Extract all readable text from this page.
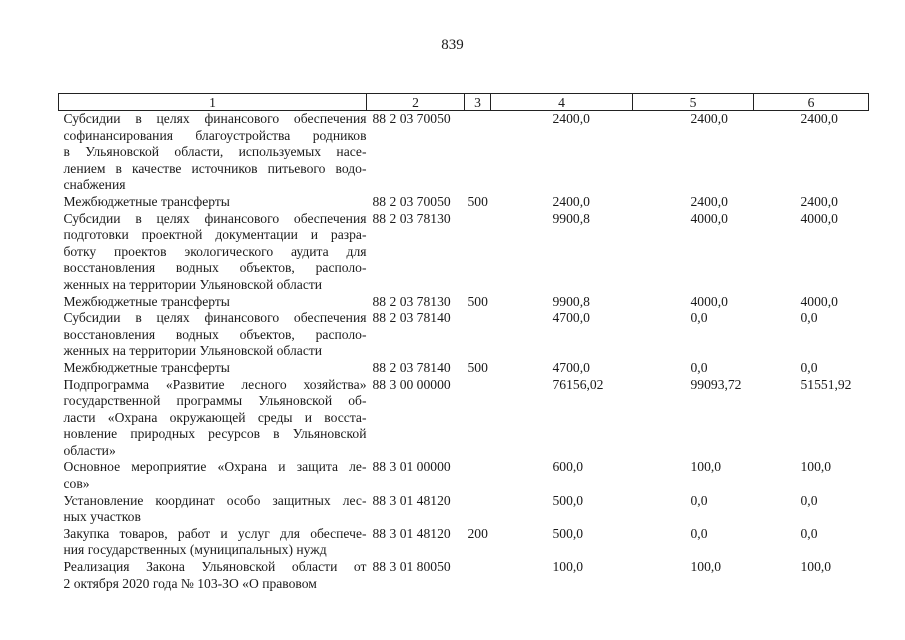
839
1	2	3	4	5	6

Субсидии в целях финансового обеспечения
софинансирования благоустройства родников
в Ульяновской области, используемых насе-
лением в качестве источников питьевого водо-
снабжения	88 2 03 70050		2400,0	2400,0	2400,0

Межбюджетные трансферты	88 2 03 70050	500	2400,0	2400,0	2400,0

Субсидии в целях финансового обеспечения
подготовки проектной документации и разра-
ботку проектов экологического аудита для
восстановления водных объектов, располо-
женных на территории Ульяновской области	88 2 03 78130		9900,8	4000,0	4000,0

Межбюджетные трансферты	88 2 03 78130	500	9900,8	4000,0	4000,0

Субсидии в целях финансового обеспечения
восстановления водных объектов, располо-
женных на территории Ульяновской области	88 2 03 78140		4700,0	0,0	0,0

Межбюджетные трансферты	88 2 03 78140	500	4700,0	0,0	0,0

Подпрограмма «Развитие лесного хозяйства»
государственной программы Ульяновской об-
ласти «Охрана окружающей среды и восста-
новление природных ресурсов в Ульяновской
области»	88 3 00 00000		76156,02	99093,72	51551,92

Основное мероприятие «Охрана и защита ле-
сов»	88 3 01 00000		600,0	100,0	100,0

Установление координат особо защитных лес-
ных участков	88 3 01 48120		500,0	0,0	0,0

Закупка товаров, работ и услуг для обеспече-
ния государственных (муниципальных) нужд	88 3 01 48120	200	500,0	0,0	0,0

Реализация Закона Ульяновской области от
2 октября 2020 года № 103-ЗО «О правовом	88 3 01 80050		100,0	100,0	100,0
